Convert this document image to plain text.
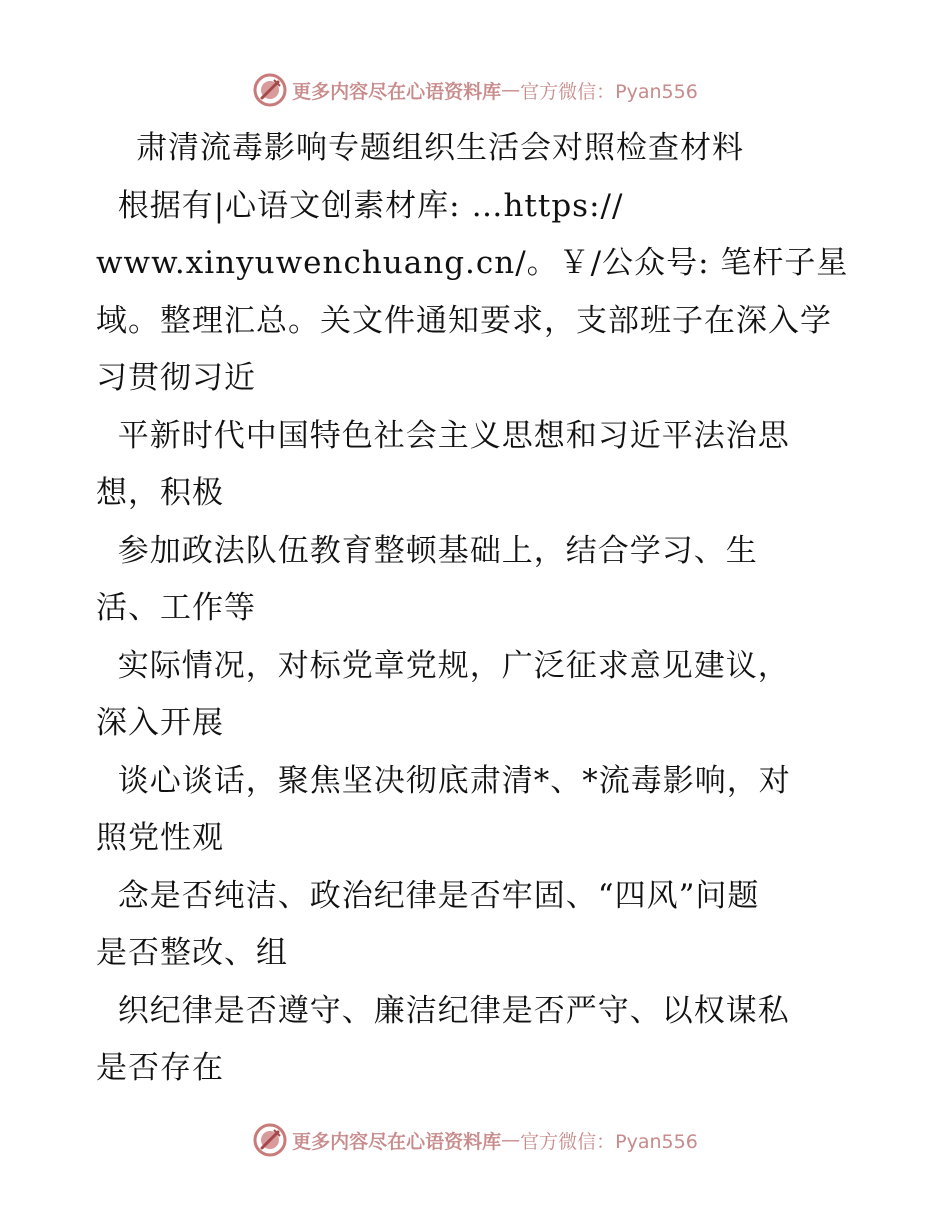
更多内容尽在心语资料库 — 官方微信：Pyan556

肃清流毒影响专题组织生活会对照检查材料

根据有|心语文创素材库: …https://
www.xinyuwenchuang.cn/。￥/公众号: 笔杆子星域。整理汇总。关文件通知要求，支部班子在深入学习贯彻习近

平新时代中国特色社会主义思想和习近平法治思
想，积极

参加政法队伍教育整顿基础上，结合学习、生
活、工作等

实际情况，对标党章党规，广泛征求意见建议，
深入开展

谈心谈话，聚焦坚决彻底肃清*、*流毒影响，对
照党性观

念是否纯洁、政治纪律是否牢固、“四风”问题
是否整改、组

织纪律是否遵守、廉洁纪律是否严守、以权谋私
是否存在

更多内容尽在心语资料库 — 官方微信：Pyan556
